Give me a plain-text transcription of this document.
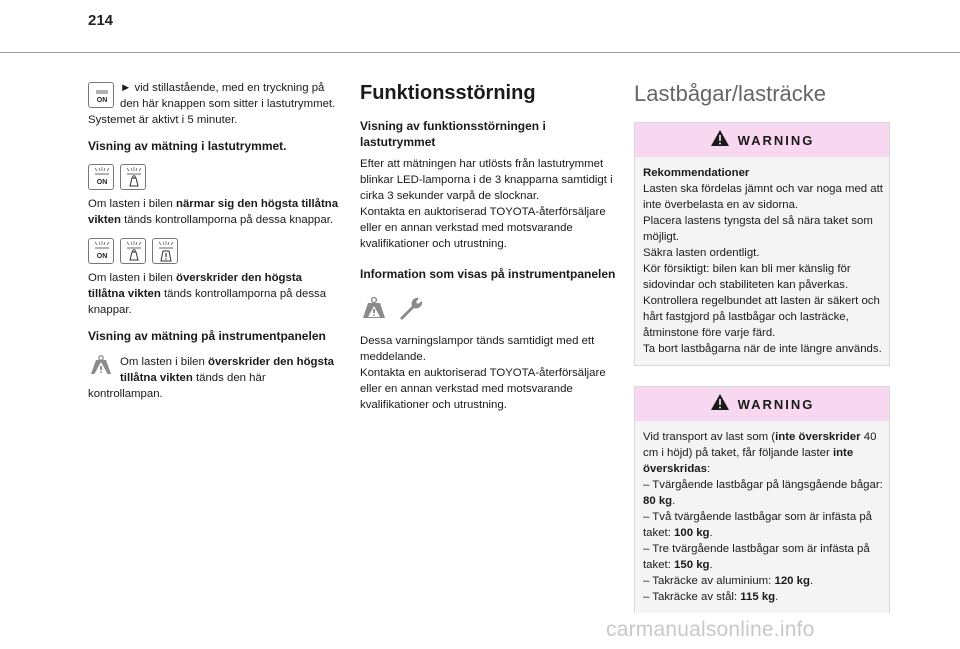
214
ON

► vid stillastående, med en tryckning på den här knappen som sitter i lastutrymmet. Systemet är aktivt i 5 minuter.

Visning av mätning i lastutrymmet.
ON

Om lasten i bilen närmar sig den högsta tillåtna vikten tänds kontrollamporna på dessa knappar.

ON

Om lasten i bilen överskrider den högsta tillåtna vikten tänds kontrollamporna på dessa knappar.

Visning av mätning på instrumentpanelen

Om lasten i bilen överskrider den högsta tillåtna vikten tänds den här kontrollampan.

Funktionsstörning
Visning av funktionsstörningen i lastutrymmet

Efter att mätningen har utlösts från lastutrymmet blinkar LED-lamporna i de 3 knapparna samtidigt i cirka 3 sekunder varpå de slocknar.

Kontakta en auktoriserad TOYOTA-återförsäljare eller en annan verkstad med motsvarande kvalifikationer och utrustning.

Information som visas på instrumentpanelen

Dessa varningslampor tänds samtidigt med ett meddelande.

Kontakta en auktoriserad TOYOTA-återförsäljare eller en annan verkstad med motsvarande kvalifikationer och utrustning.

Lastbågar/lasträcke
WARNING

Rekommendationer

Lasten ska fördelas jämnt och var noga med att inte överbelasta en av sidorna.

Placera lastens tyngsta del så nära taket som möjligt.

Säkra lasten ordentligt.

Kör försiktigt: bilen kan bli mer känslig för sidovindar och stabiliteten kan påverkas.

Kontrollera regelbundet att lasten är säkert och hårt fastgjord på lastbågar och lasträcke, åtminstone före varje färd.

Ta bort lastbågarna när de inte längre används.

WARNING

Vid transport av last som (inte överskrider 40 cm i höjd) på taket, får följande laster inte överskridas:

– Tvärgående lastbågar på längsgående bågar: 80 kg.

– Två tvärgående lastbågar som är infästa på taket: 100 kg.

– Tre tvärgående lastbågar som är infästa på taket: 150 kg.

– Takräcke av aluminium: 120 kg.

– Takräcke av stål: 115 kg.

carmanualsonline.info
